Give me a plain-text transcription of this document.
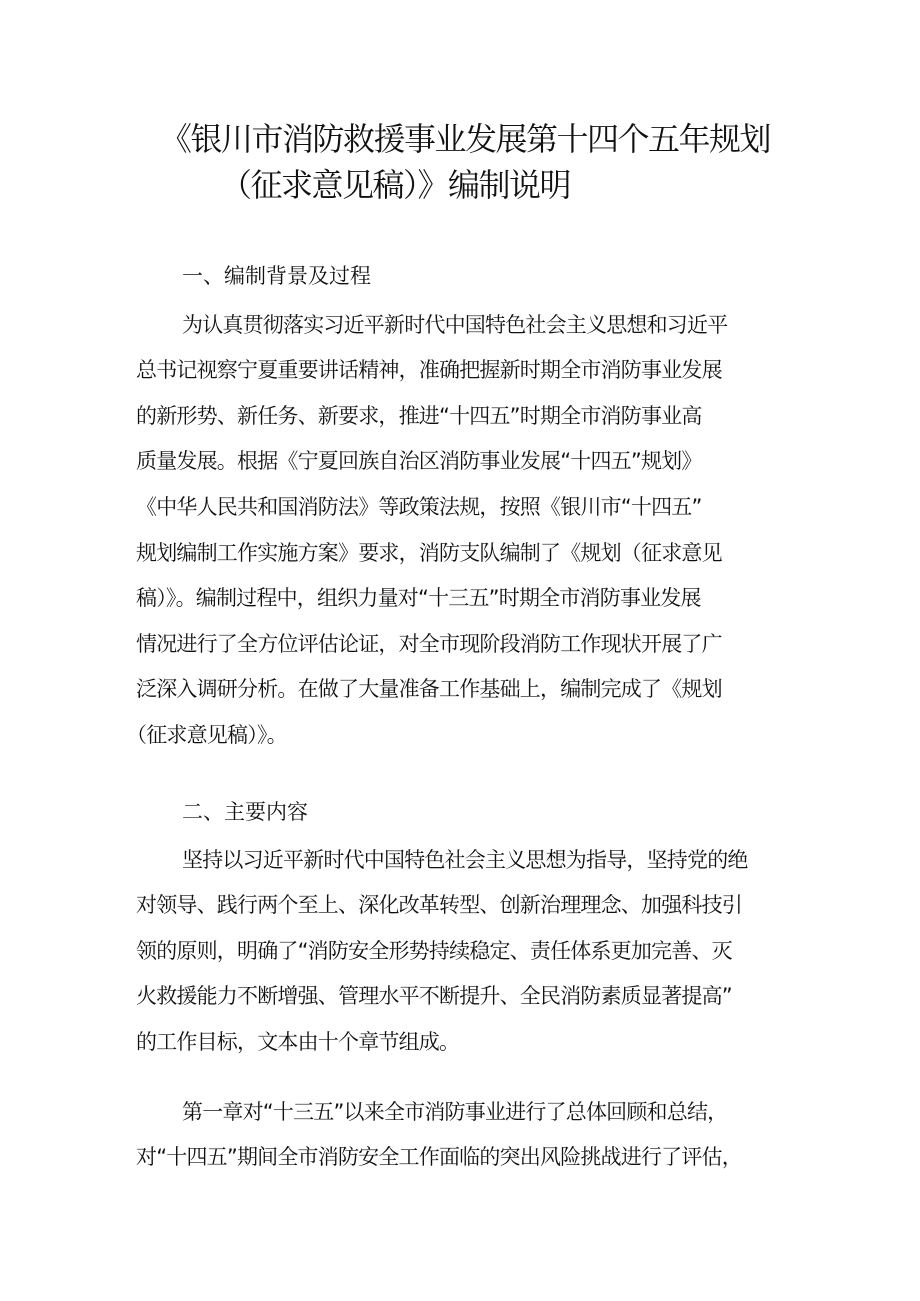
《银川市消防救援事业发展第十四个五年规划
（征求意见稿）》编制说明
一、编制背景及过程

为认真贯彻落实习近平新时代中国特色社会主义思想和习近平

总书记视察宁夏重要讲话精神，准确把握新时期全市消防事业发展

的新形势、新任务、新要求，推进“十四五”时期全市消防事业高

质量发展。根据《宁夏回族自治区消防事业发展“十四五”规划》

《中华人民共和国消防法》等政策法规，按照《银川市“十四五”

规划编制工作实施方案》要求，消防支队编制了《规划（征求意见

稿）》。编制过程中，组织力量对“十三五”时期全市消防事业发展

情况进行了全方位评估论证，对全市现阶段消防工作现状开展了广

泛深入调研分析。在做了大量准备工作基础上，编制完成了《规划

（征求意见稿）》。

二、主要内容

坚持以习近平新时代中国特色社会主义思想为指导，坚持党的绝

对领导、践行两个至上、深化改革转型、创新治理理念、加强科技引

领的原则，明确了“消防安全形势持续稳定、责任体系更加完善、灭

火救援能力不断增强、管理水平不断提升、全民消防素质显著提高”

的工作目标，文本由十个章节组成。

第一章对“十三五”以来全市消防事业进行了总体回顾和总结，

对“十四五”期间全市消防安全工作面临的突出风险挑战进行了评估，
